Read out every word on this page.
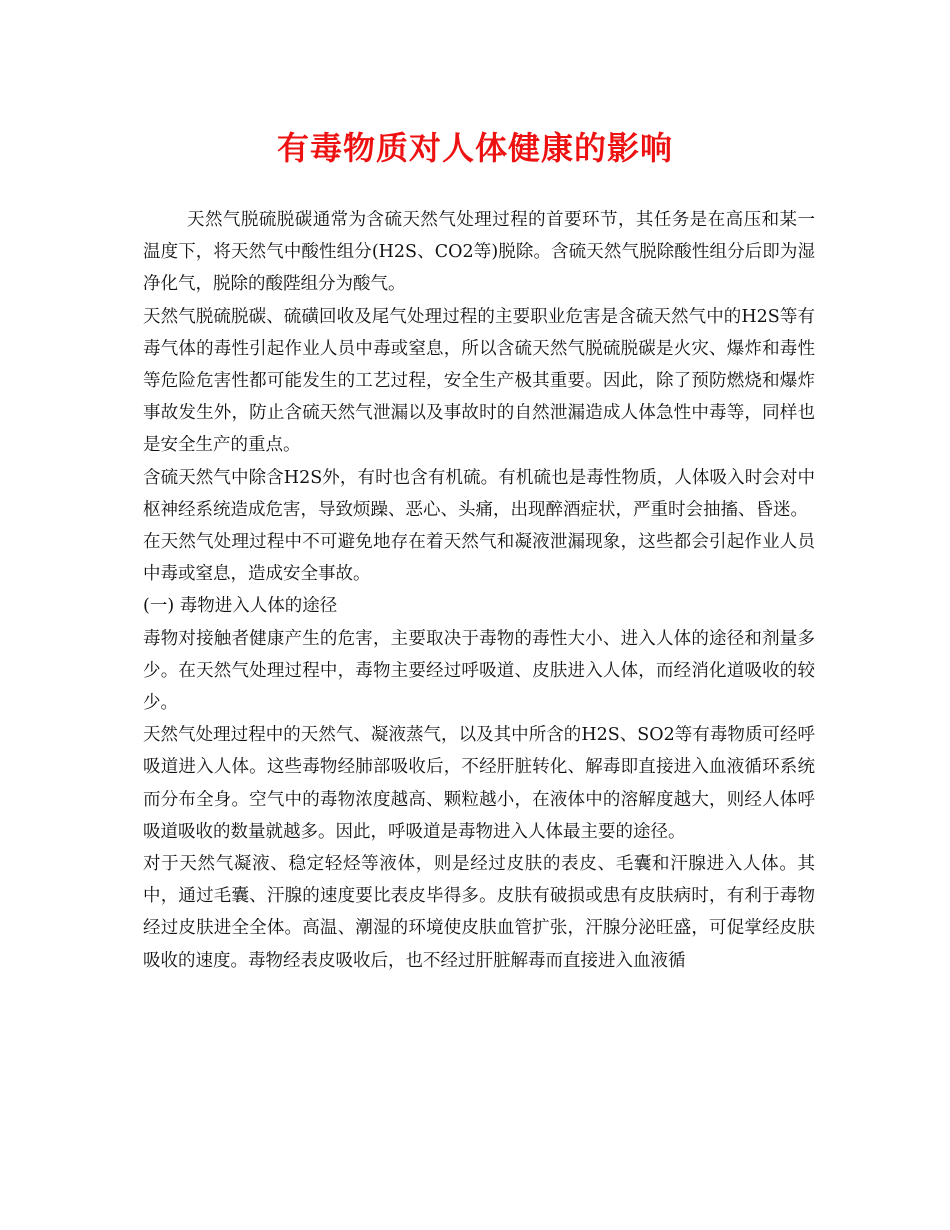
有毒物质对人体健康的影响

天然气脱硫脱碳通常为含硫天然气处理过程的首要环节，其任务是在高压和某一温度下，将天然气中酸性组分(H2S、CO2等)脱除。含硫天然气脱除酸性组分后即为湿净化气，脱除的酸陛组分为酸气。

天然气脱硫脱碳、硫磺回收及尾气处理过程的主要职业危害是含硫天然气中的H2S等有毒气体的毒性引起作业人员中毒或窒息，所以含硫天然气脱硫脱碳是火灾、爆炸和毒性等危险危害性都可能发生的工艺过程，安全生产极其重要。因此，除了预防燃烧和爆炸事故发生外，防止含硫天然气泄漏以及事故时的自然泄漏造成人体急性中毒等，同样也是安全生产的重点。

含硫天然气中除含H2S外，有时也含有机硫。有机硫也是毒性物质，人体吸入时会对中枢神经系统造成危害，导致烦躁、恶心、头痛，出现醉酒症状，严重时会抽搐、昏迷。

在天然气处理过程中不可避免地存在着天然气和凝液泄漏现象，这些都会引起作业人员中毒或窒息，造成安全事故。

(一) 毒物进入人体的途径

毒物对接触者健康产生的危害，主要取决于毒物的毒性大小、进入人体的途径和剂量多少。在天然气处理过程中，毒物主要经过呼吸道、皮肤进入人体，而经消化道吸收的较少。

天然气处理过程中的天然气、凝液蒸气，以及其中所含的H2S、SO2等有毒物质可经呼吸道进入人体。这些毒物经肺部吸收后，不经肝脏转化、解毒即直接进入血液循环系统而分布全身。空气中的毒物浓度越高、颗粒越小，在液体中的溶解度越大，则经人体呼吸道吸收的数量就越多。因此，呼吸道是毒物进入人体最主要的途径。

对于天然气凝液、稳定轻烃等液体，则是经过皮肤的表皮、毛囊和汗腺进入人体。其中，通过毛囊、汗腺的速度要比表皮毕得多。皮肤有破损或患有皮肤病时，有利于毒物经过皮肤进全全体。高温、潮湿的环境使皮肤血管扩张，汗腺分泌旺盛，可促掌经皮肤吸收的速度。毒物经表皮吸收后，也不经过肝脏解毒而直接进入血液循
